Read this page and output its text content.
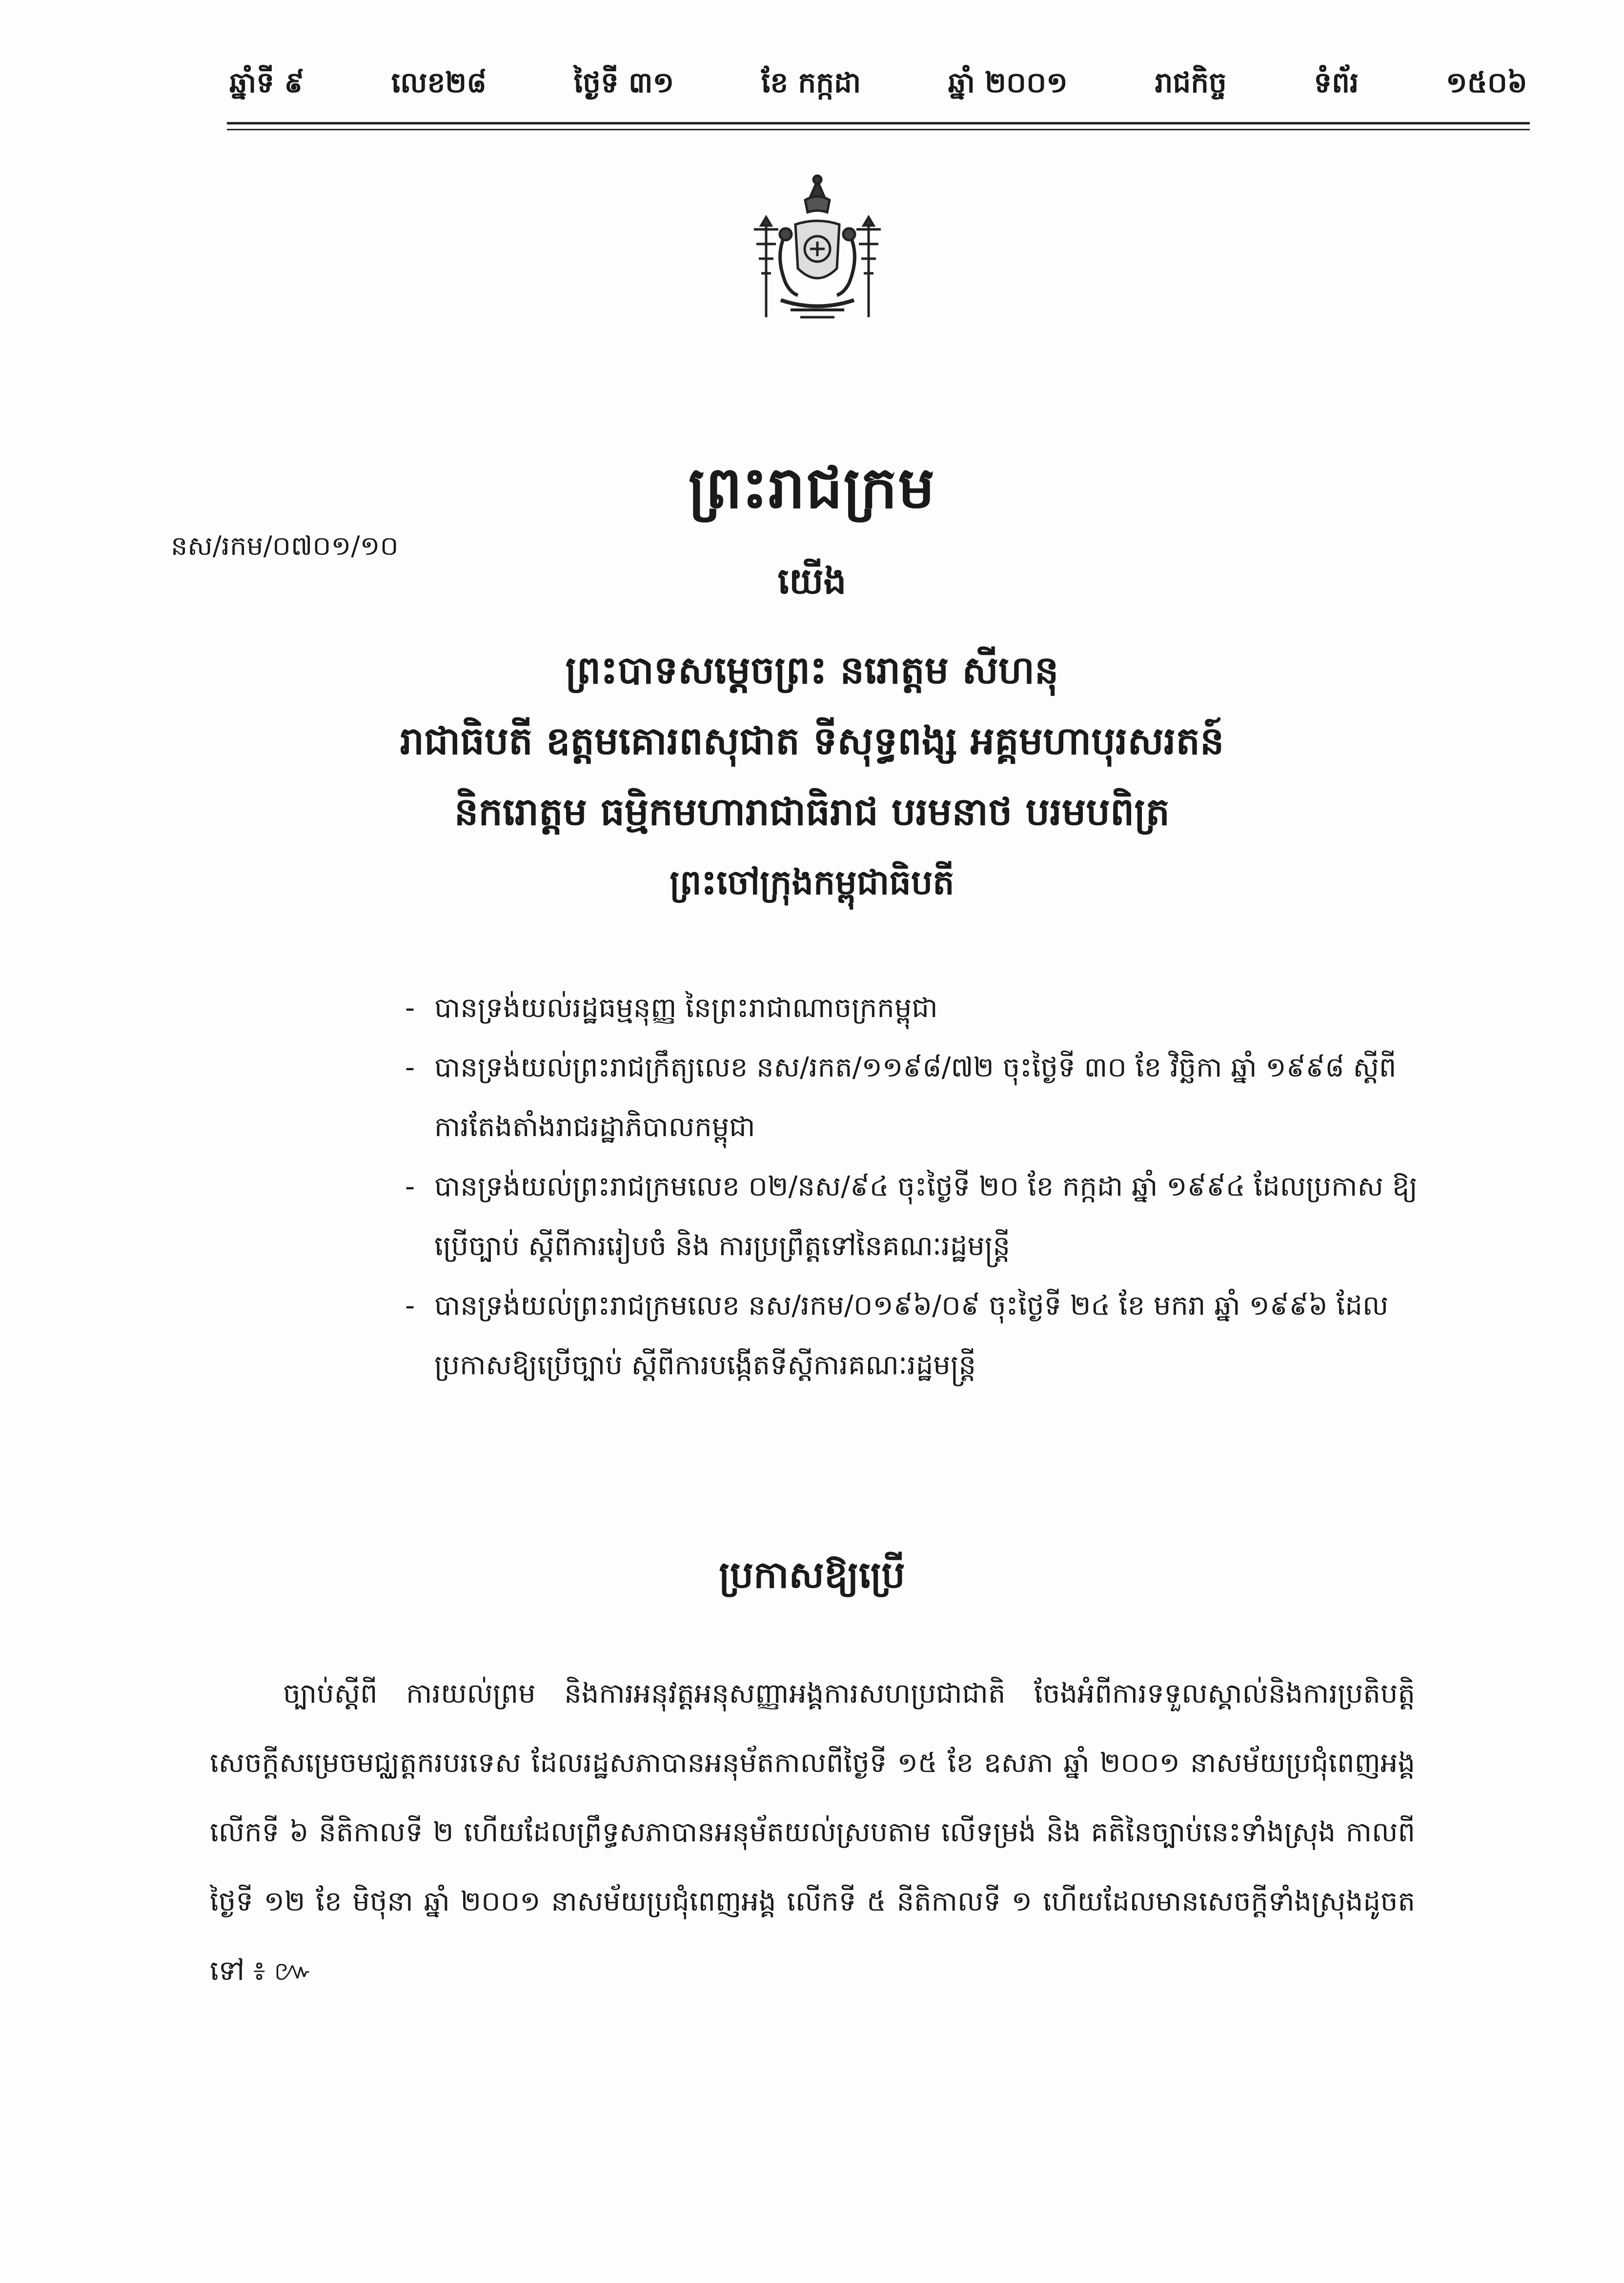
ឆ្នាំទី ៩	លេខ២៨	ថ្ងៃទី ៣១	ខែ កក្កដា	ឆ្នាំ ២០០១	រាជកិច្ច	ទំព័រ	១៥០៦
ព្រះរាជក្រម
នស/រកម/០៧០១/១០
យើង
ព្រះបាទសម្តេចព្រះ នរោត្តម សីហនុ
រាជាធិបតី ឧត្តមគោរពសុជាត ទីសុទ្ធពង្ស អគ្គមហាបុរសរតន៍
និករោត្តម ធម្មិកមហារាជាធិរាជ បរមនាថ បរមបពិត្រ
ព្រះចៅក្រុងកម្ពុជាធិបតី
- បានទ្រង់យល់រដ្ឋធម្មនុញ្ញ នៃព្រះរាជាណាចក្រកម្ពុជា
- បានទ្រង់យល់ព្រះរាជក្រឹត្យលេខ នស/រកត/១១៩៨/៧២ ចុះថ្ងៃទី ៣០ ខែ វិច្ឆិកា ឆ្នាំ ១៩៩៨ ស្តីពីការតែងតាំងរាជរដ្ឋាភិបាលកម្ពុជា
- បានទ្រង់យល់ព្រះរាជក្រមលេខ ០២/នស/៩៤ ចុះថ្ងៃទី ២០ ខែ កក្កដា ឆ្នាំ ១៩៩៤ ដែលប្រកាស ឱ្យប្រើច្បាប់ ស្តីពីការរៀបចំ និង ការប្រព្រឹត្តទៅនៃគណៈរដ្ឋមន្ត្រី
- បានទ្រង់យល់ព្រះរាជក្រមលេខ នស/រកម/០១៩៦/០៩ ចុះថ្ងៃទី ២៤ ខែ មករា ឆ្នាំ ១៩៩៦ ដែលប្រកាសឱ្យប្រើច្បាប់ ស្តីពីការបង្កើតទីស្តីការគណៈរដ្ឋមន្ត្រី
ប្រកាសឱ្យប្រើ
ច្បាប់ស្តីពី ការយល់ព្រម និងការអនុវត្តអនុសញ្ញាអង្គការសហប្រជាជាតិ ចែងអំពីការទទួលស្គាល់និងការប្រតិបត្តិសេចក្តីសម្រេចមជ្ឈត្តករបរទេស ដែលរដ្ឋសភាបានអនុម័តកាលពីថ្ងៃទី ១៥ ខែ ឧសភា ឆ្នាំ ២០០១ នាសម័យប្រជុំពេញអង្គលើកទី ៦ នីតិកាលទី ២ ហើយដែលព្រឹទ្ធសភាបានអនុម័តយល់ស្របតាម លើទម្រង់ និង គតិនៃច្បាប់នេះទាំងស្រុង កាលពីថ្ងៃទី ១២ ខែ មិថុនា ឆ្នាំ ២០០១ នាសម័យប្រជុំពេញអង្គ លើកទី ៥ នីតិកាលទី ១ ហើយដែលមានសេចក្តីទាំងស្រុងដូចតទៅ ៖ ៚
